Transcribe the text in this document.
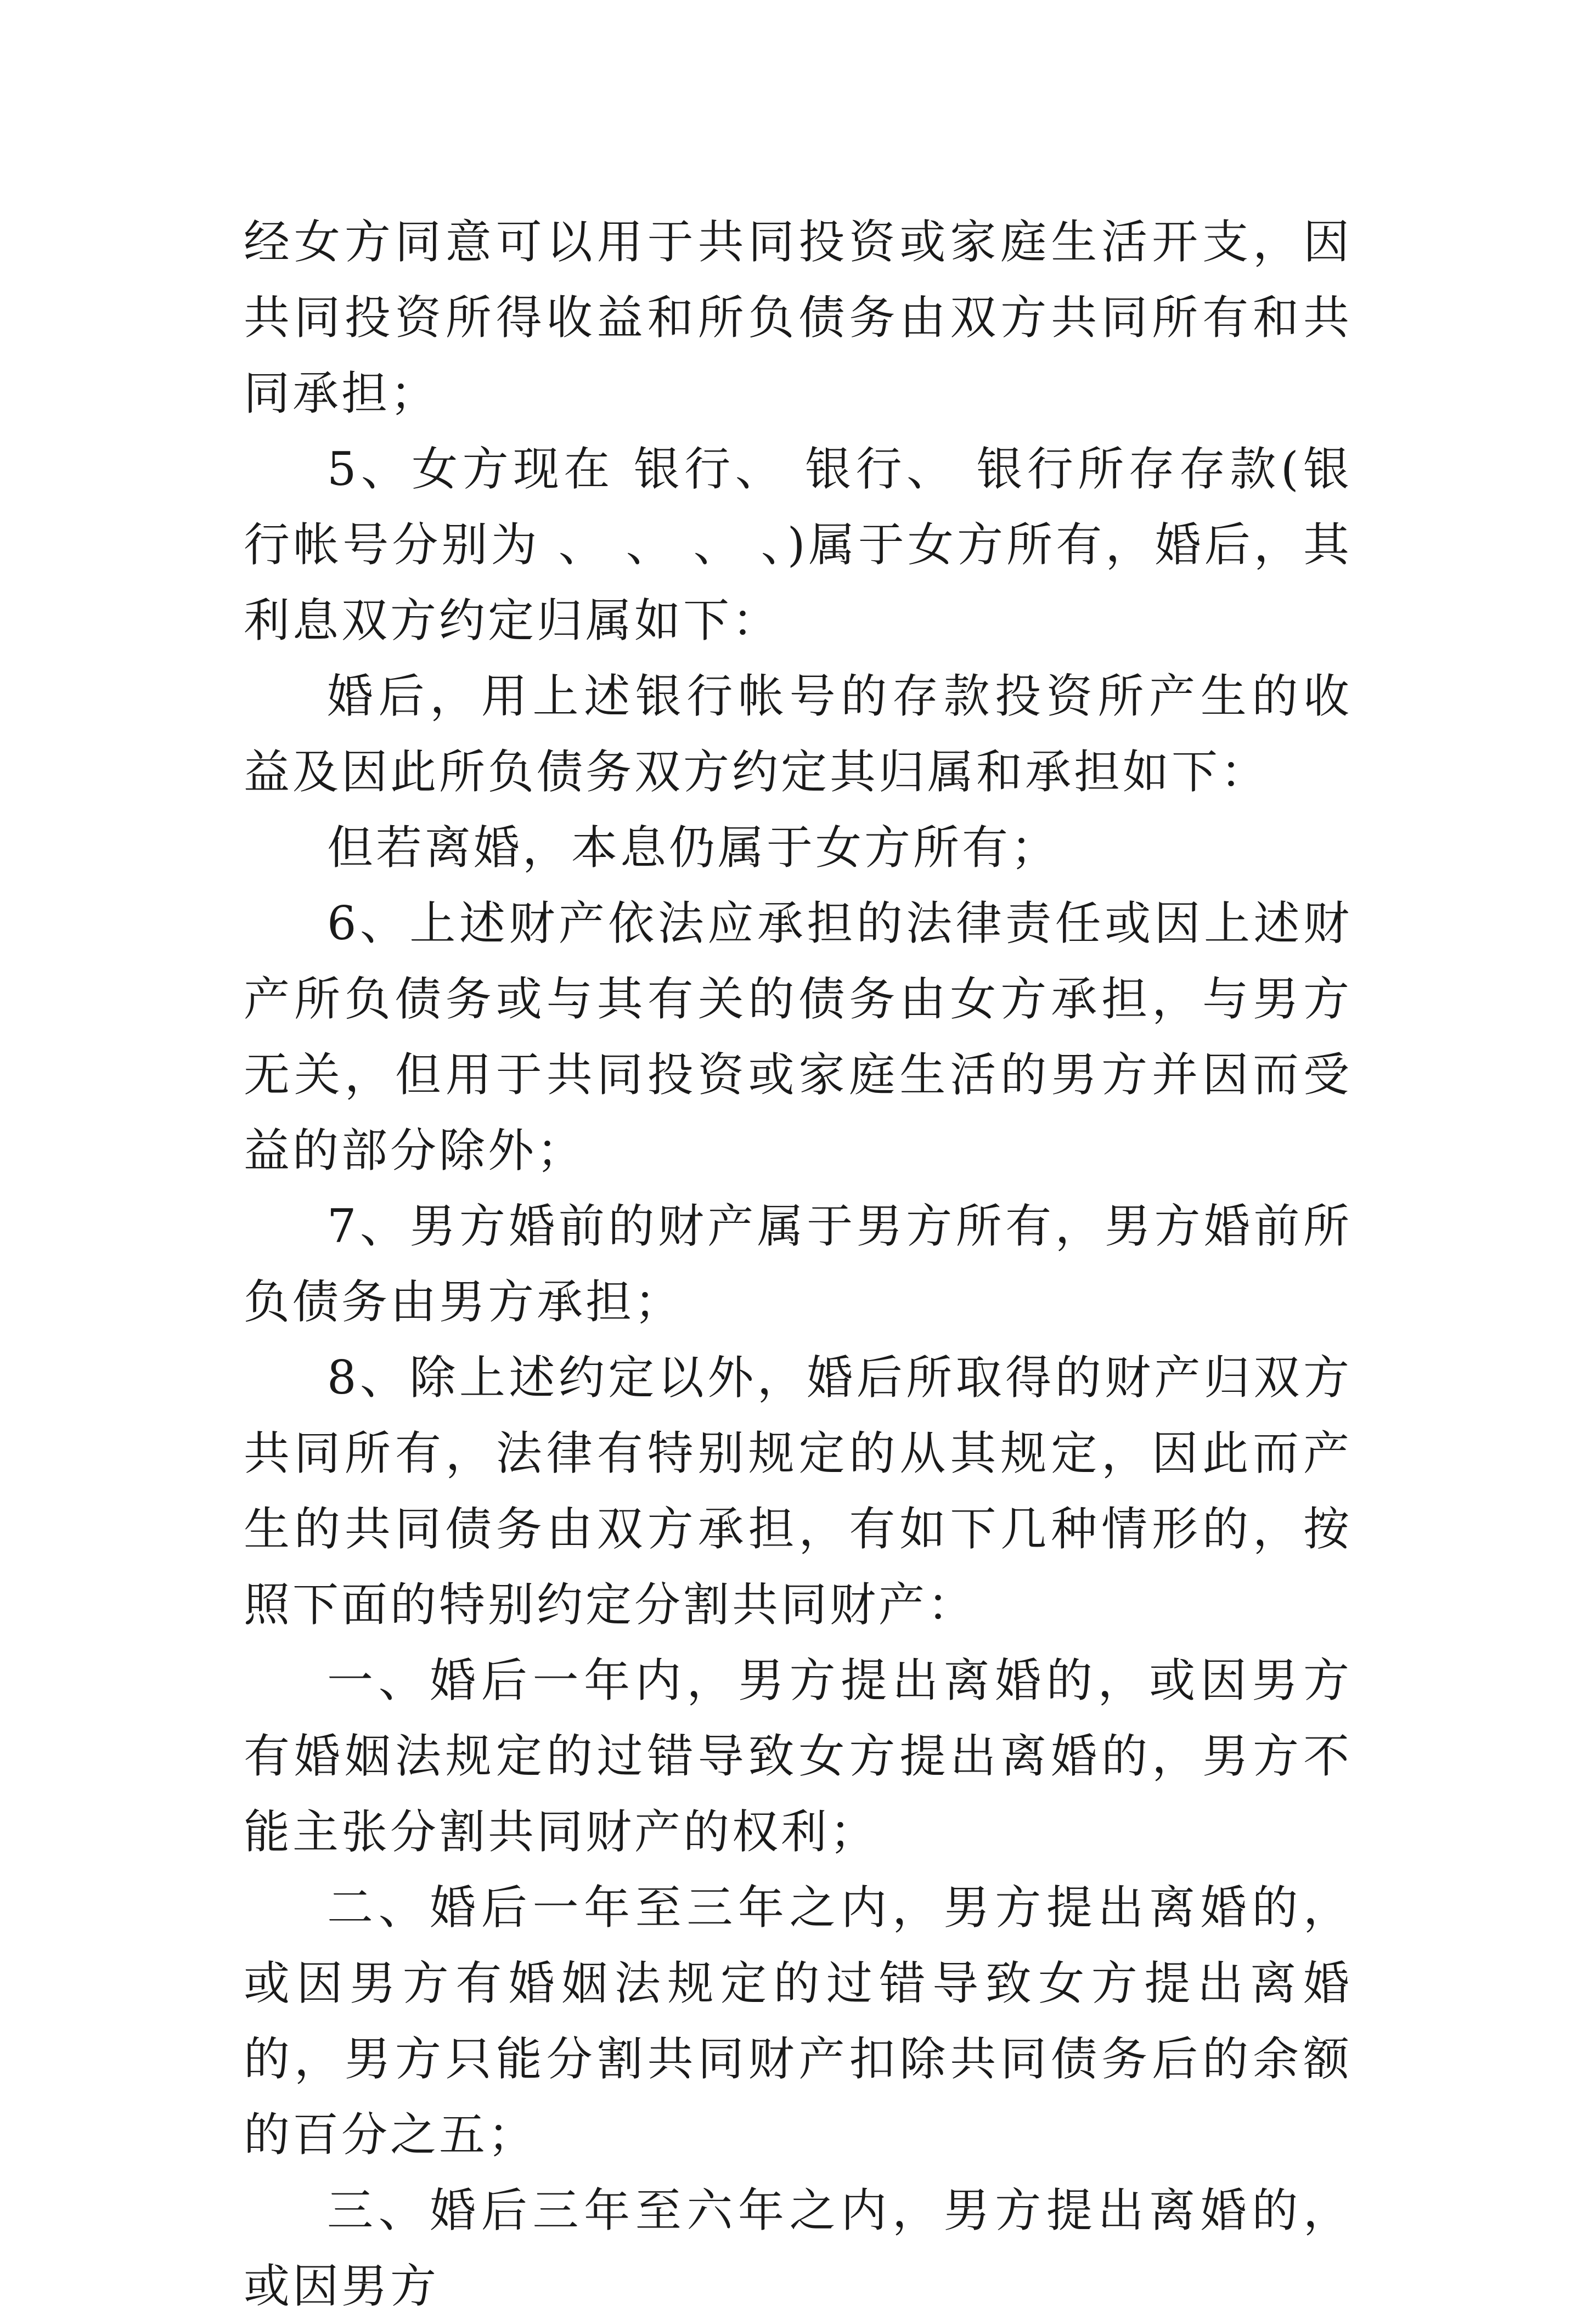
经女方同意可以用于共同投资或家庭生活开支，因共同投资所得收益和所负债务由双方共同所有和共同承担；

5、女方现在 银行、 银行、 银行所存存款(银行帐号分别为 、 、 、 、)属于女方所有，婚后，其利息双方约定归属如下：

婚后，用上述银行帐号的存款投资所产生的收益及因此所负债务双方约定其归属和承担如下：

但若离婚，本息仍属于女方所有；

6、上述财产依法应承担的法律责任或因上述财产所负债务或与其有关的债务由女方承担，与男方无关，但用于共同投资或家庭生活的男方并因而受益的部分除外；

7、男方婚前的财产属于男方所有，男方婚前所负债务由男方承担；

8、除上述约定以外，婚后所取得的财产归双方共同所有，法律有特别规定的从其规定，因此而产生的共同债务由双方承担，有如下几种情形的，按照下面的特别约定分割共同财产：

一、婚后一年内，男方提出离婚的，或因男方有婚姻法规定的过错导致女方提出离婚的，男方不能主张分割共同财产的权利；

二、婚后一年至三年之内，男方提出离婚的，或因男方有婚姻法规定的过错导致女方提出离婚的，男方只能分割共同财产扣除共同债务后的余额的百分之五；

三、婚后三年至六年之内，男方提出离婚的，或因男方
